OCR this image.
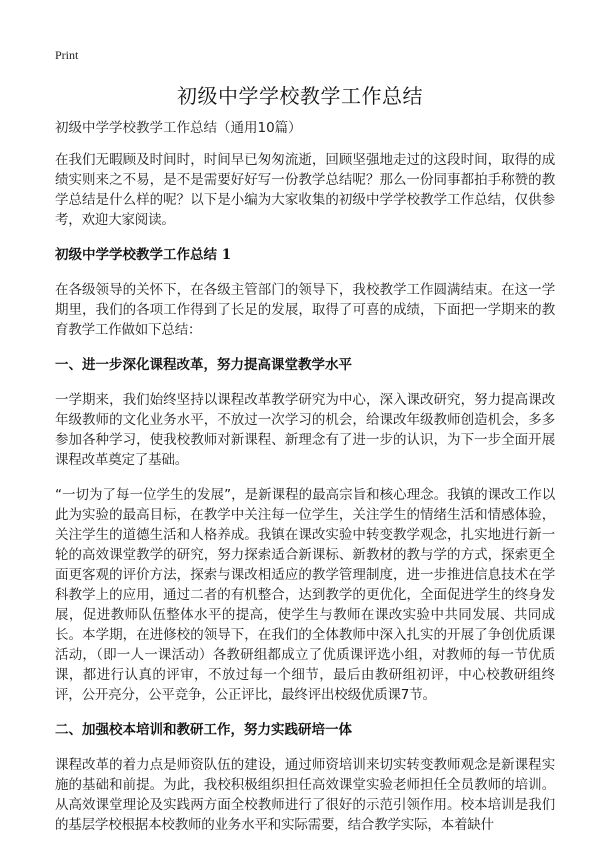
Print
初级中学学校教学工作总结
初级中学学校教学工作总结（通用10篇）

在我们无暇顾及时间时，时间早已匆匆流逝，回顾坚强地走过的这段时间，取得的成绩实则来之不易，是不是需要好好写一份教学总结呢？那么一份同事都拍手称赞的教学总结是什么样的呢？以下是小编为大家收集的初级中学学校教学工作总结，仅供参考，欢迎大家阅读。

初级中学学校教学工作总结 1

在各级领导的关怀下，在各级主管部门的领导下，我校教学工作圆满结束。在这一学期里，我们的各项工作得到了长足的发展，取得了可喜的成绩，下面把一学期来的教育教学工作做如下总结：

一、进一步深化课程改革，努力提高课堂教学水平

一学期来，我们始终坚持以课程改革教学研究为中心，深入课改研究，努力提高课改年级教师的文化业务水平，不放过一次学习的机会，给课改年级教师创造机会，多多参加各种学习，使我校教师对新课程、新理念有了进一步的认识，为下一步全面开展课程改革奠定了基础。

“一切为了每一位学生的发展”，是新课程的最高宗旨和核心理念。我镇的课改工作以此为实验的最高目标，在教学中关注每一位学生，关注学生的情绪生活和情感体验，关注学生的道德生活和人格养成。我镇在课改实验中转变教学观念，扎实地进行新一轮的高效课堂教学的研究，努力探索适合新课标、新教材的教与学的方式，探索更全面更客观的评价方法，探索与课改相适应的教学管理制度，进一步推进信息技术在学科教学上的应用，通过二者的有机整合，达到教学的更优化，全面促进学生的终身发展，促进教师队伍整体水平的提高，使学生与教师在课改实验中共同发展、共同成长。本学期，在进修校的领导下，在我们的全体教师中深入扎实的开展了争创优质课活动，（即一人一课活动）各教研组都成立了优质课评选小组，对教师的每一节优质课，都进行认真的评审，不放过每一个细节，最后由教研组初评，中心校教研组终评，公开亮分，公平竞争，公正评比，最终评出校级优质课7节。

二、加强校本培训和教研工作，努力实践研培一体

课程改革的着力点是师资队伍的建设，通过师资培训来切实转变教师观念是新课程实施的基础和前提。为此，我校积极组织担任高效课堂实验老师担任全员教师的培训。从高效课堂理论及实践两方面全校教师进行了很好的示范引领作用。校本培训是我们的基层学校根据本校教师的业务水平和实际需要，结合教学实际，本着缺什
